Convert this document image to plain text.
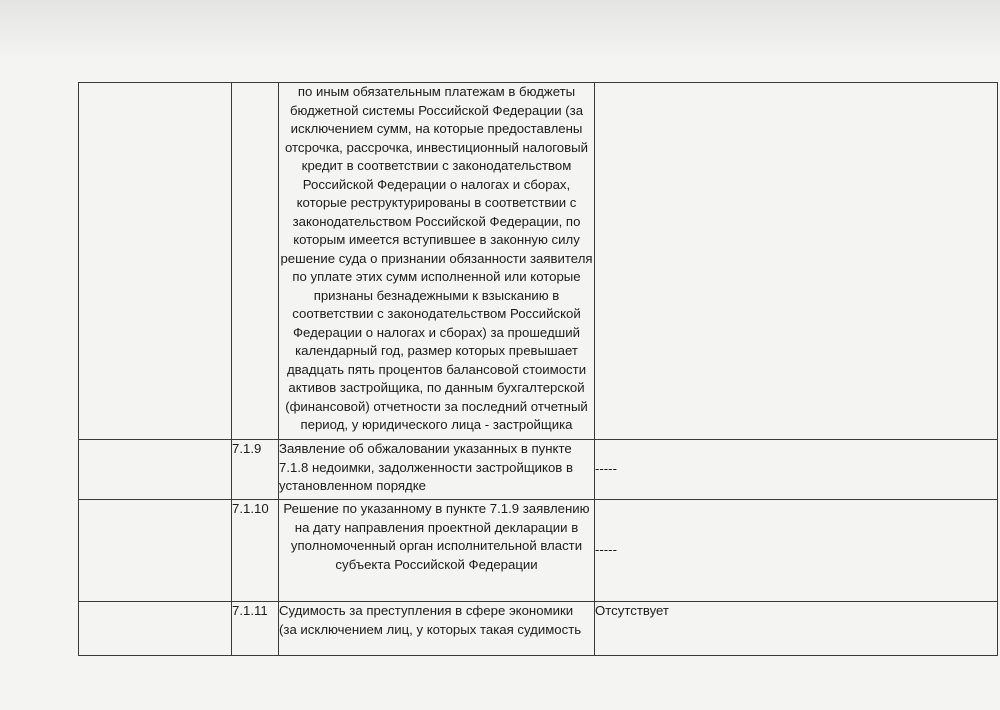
		по иным обязательным платежам в бюджеты бюджетной системы Российской Федерации (за исключением сумм, на которые предоставлены отсрочка, рассрочка, инвестиционный налоговый кредит в соответствии с законодательством Российской Федерации о налогах и сборах, которые реструктурированы в соответствии с законодательством Российской Федерации, по которым имеется вступившее в законную силу решение суда о признании обязанности заявителя по уплате этих сумм исполненной или которые признаны безнадежными к взысканию в соответствии с законодательством Российской Федерации о налогах и сборах) за прошедший календарный год, размер которых превышает двадцать пять процентов балансовой стоимости активов застройщика, по данным бухгалтерской (финансовой) отчетности за последний отчетный период, у юридического лица - застройщика	
	7.1.9	Заявление об обжаловании указанных в пункте 7.1.8 недоимки, задолженности застройщиков в установленном порядке	-----
	7.1.10	Решение по указанному в пункте 7.1.9 заявлению на дату направления проектной декларации в уполномоченный орган исполнительной власти субъекта Российской Федерации	-----
	7.1.11	Судимость за преступления в сфере экономики (за исключением лиц, у которых такая судимость	Отсутствует
